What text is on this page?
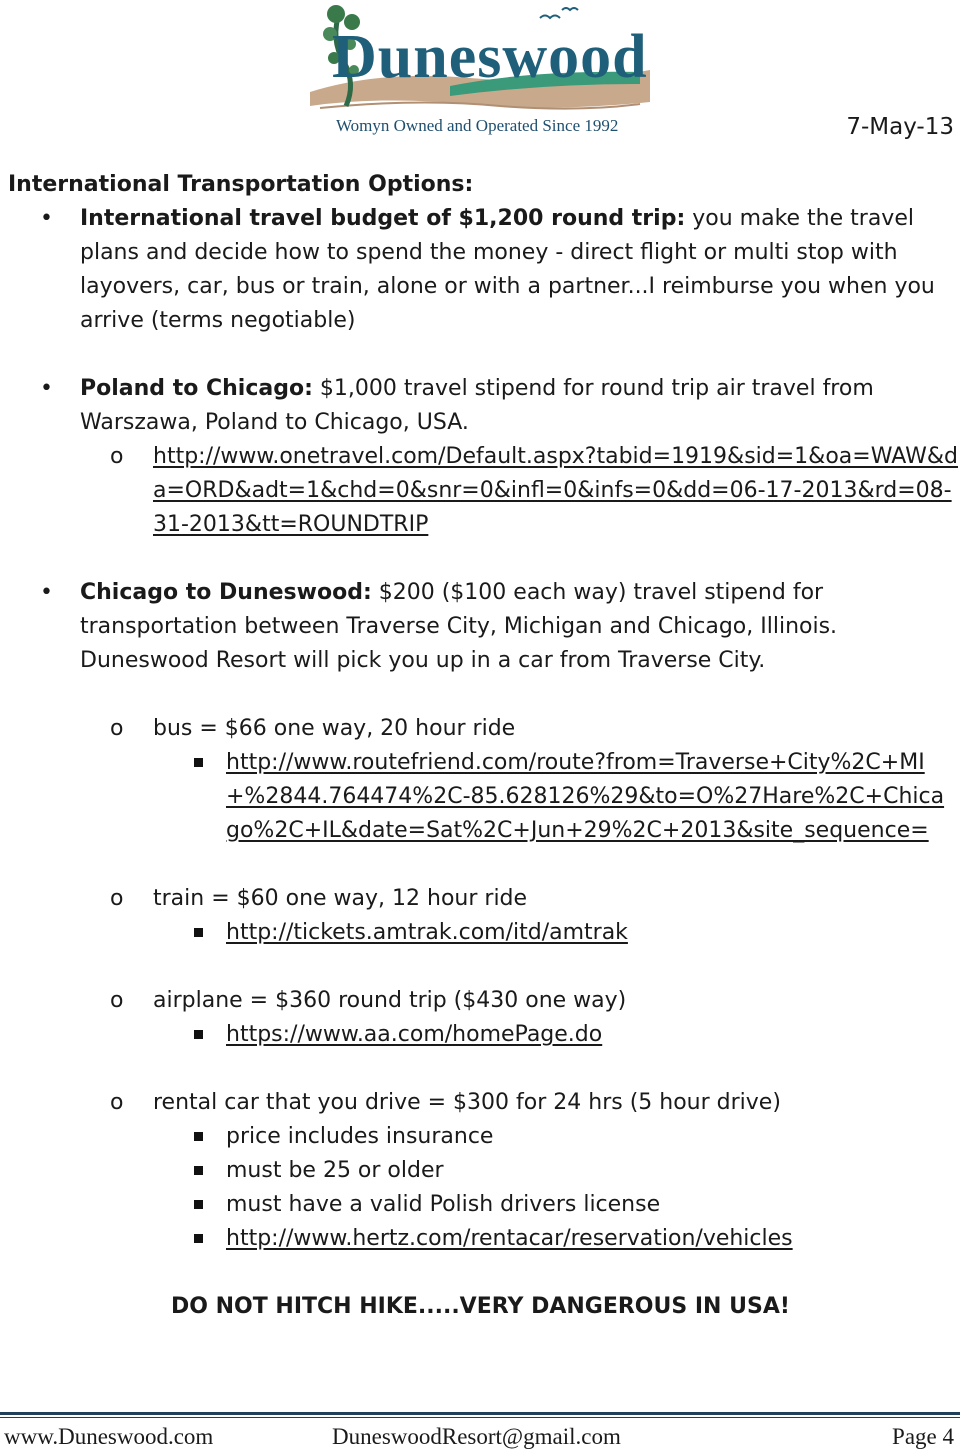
Duneswood
Womyn Owned and Operated Since 1992	7-May-13

International Transportation Options:

• International travel budget of $1,200 round trip: you make the travel plans and decide how to spend the money - direct flight or multi stop with layovers, car, bus or train, alone or with a partner...I reimburse you when you arrive (terms negotiable)
• Poland to Chicago: $1,000 travel stipend for round trip air travel from Warszawa, Poland to Chicago, USA.
o http://www.onetravel.com/Default.aspx?tabid=1919&sid=1&oa=WAW&da=ORD&adt=1&chd=0&snr=0&infl=0&infs=0&dd=06-17-2013&rd=08-31-2013&tt=ROUNDTRIP
• Chicago to Duneswood: $200 ($100 each way) travel stipend for transportation between Traverse City, Michigan and Chicago, Illinois. Duneswood Resort will pick you up in a car from Traverse City.
o bus = $66 one way, 20 hour ride
http://www.routefriend.com/route?from=Traverse+City%2C+MI+%2844.764474%2C-85.628126%29&to=O%27Hare%2C+Chicago%2C+IL&date=Sat%2C+Jun+29%2C+2013&site_sequence=
o train = $60 one way, 12 hour ride
http://tickets.amtrak.com/itd/amtrak
o airplane = $360 round trip ($430 one way)
https://www.aa.com/homePage.do
o rental car that you drive = $300 for 24 hrs (5 hour drive)
price includes insurance
must be 25 or older
must have a valid Polish drivers license
http://www.hertz.com/rentacar/reservation/vehicles

DO NOT HITCH HIKE.....VERY DANGEROUS IN USA!

www.Duneswood.com	DuneswoodResort@gmail.com	Page 4
